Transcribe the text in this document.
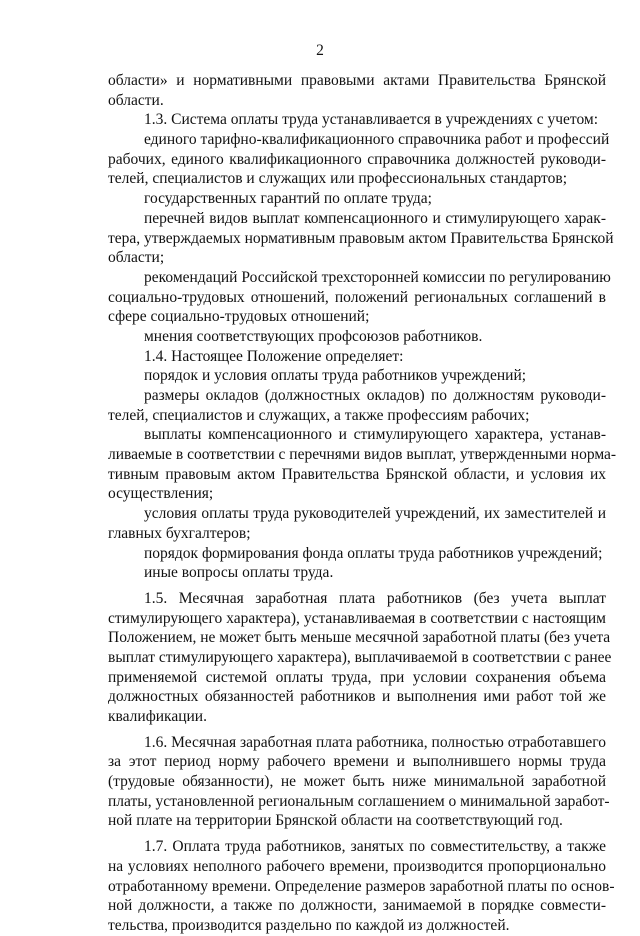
2
области» и нормативными правовыми актами Правительства Брянской
области.
1.3. Система оплаты труда устанавливается в учреждениях с учетом:
единого тарифно-квалификационного справочника работ и профессий
рабочих, единого квалификационного справочника должностей руководи-
телей, специалистов и служащих или профессиональных стандартов;
государственных гарантий по оплате труда;
перечней видов выплат компенсационного и стимулирующего харак-
тера, утверждаемых нормативным правовым актом Правительства Брянской
области;
рекомендаций Российской трехсторонней комиссии по регулированию
социально-трудовых отношений, положений региональных соглашений в
сфере социально-трудовых отношений;
мнения соответствующих профсоюзов работников.
1.4. Настоящее Положение определяет:
порядок и условия оплаты труда работников учреждений;
размеры окладов (должностных окладов) по должностям руководи-
телей, специалистов и служащих, а также профессиям рабочих;
выплаты компенсационного и стимулирующего характера, устанав-
ливаемые в соответствии с перечнями видов выплат, утвержденными норма-
тивным правовым актом Правительства Брянской области, и условия их
осуществления;
условия оплаты труда руководителей учреждений, их заместителей и
главных бухгалтеров;
порядок формирования фонда оплаты труда работников учреждений;
иные вопросы оплаты труда.
1.5. Месячная заработная плата работников (без учета выплат
стимулирующего характера), устанавливаемая в соответствии с настоящим
Положением, не может быть меньше месячной заработной платы (без учета
выплат стимулирующего характера), выплачиваемой в соответствии с ранее
применяемой системой оплаты труда, при условии сохранения объема
должностных обязанностей работников и выполнения ими работ той же
квалификации.
1.6. Месячная заработная плата работника, полностью отработавшего
за этот период норму рабочего времени и выполнившего нормы труда
(трудовые обязанности), не может быть ниже минимальной заработной
платы, установленной региональным соглашением о минимальной заработ-
ной плате на территории Брянской области на соответствующий год.
1.7. Оплата труда работников, занятых по совместительству, а также
на условиях неполного рабочего времени, производится пропорционально
отработанному времени. Определение размеров заработной платы по основ-
ной должности, а также по должности, занимаемой в порядке совмести-
тельства, производится раздельно по каждой из должностей.
